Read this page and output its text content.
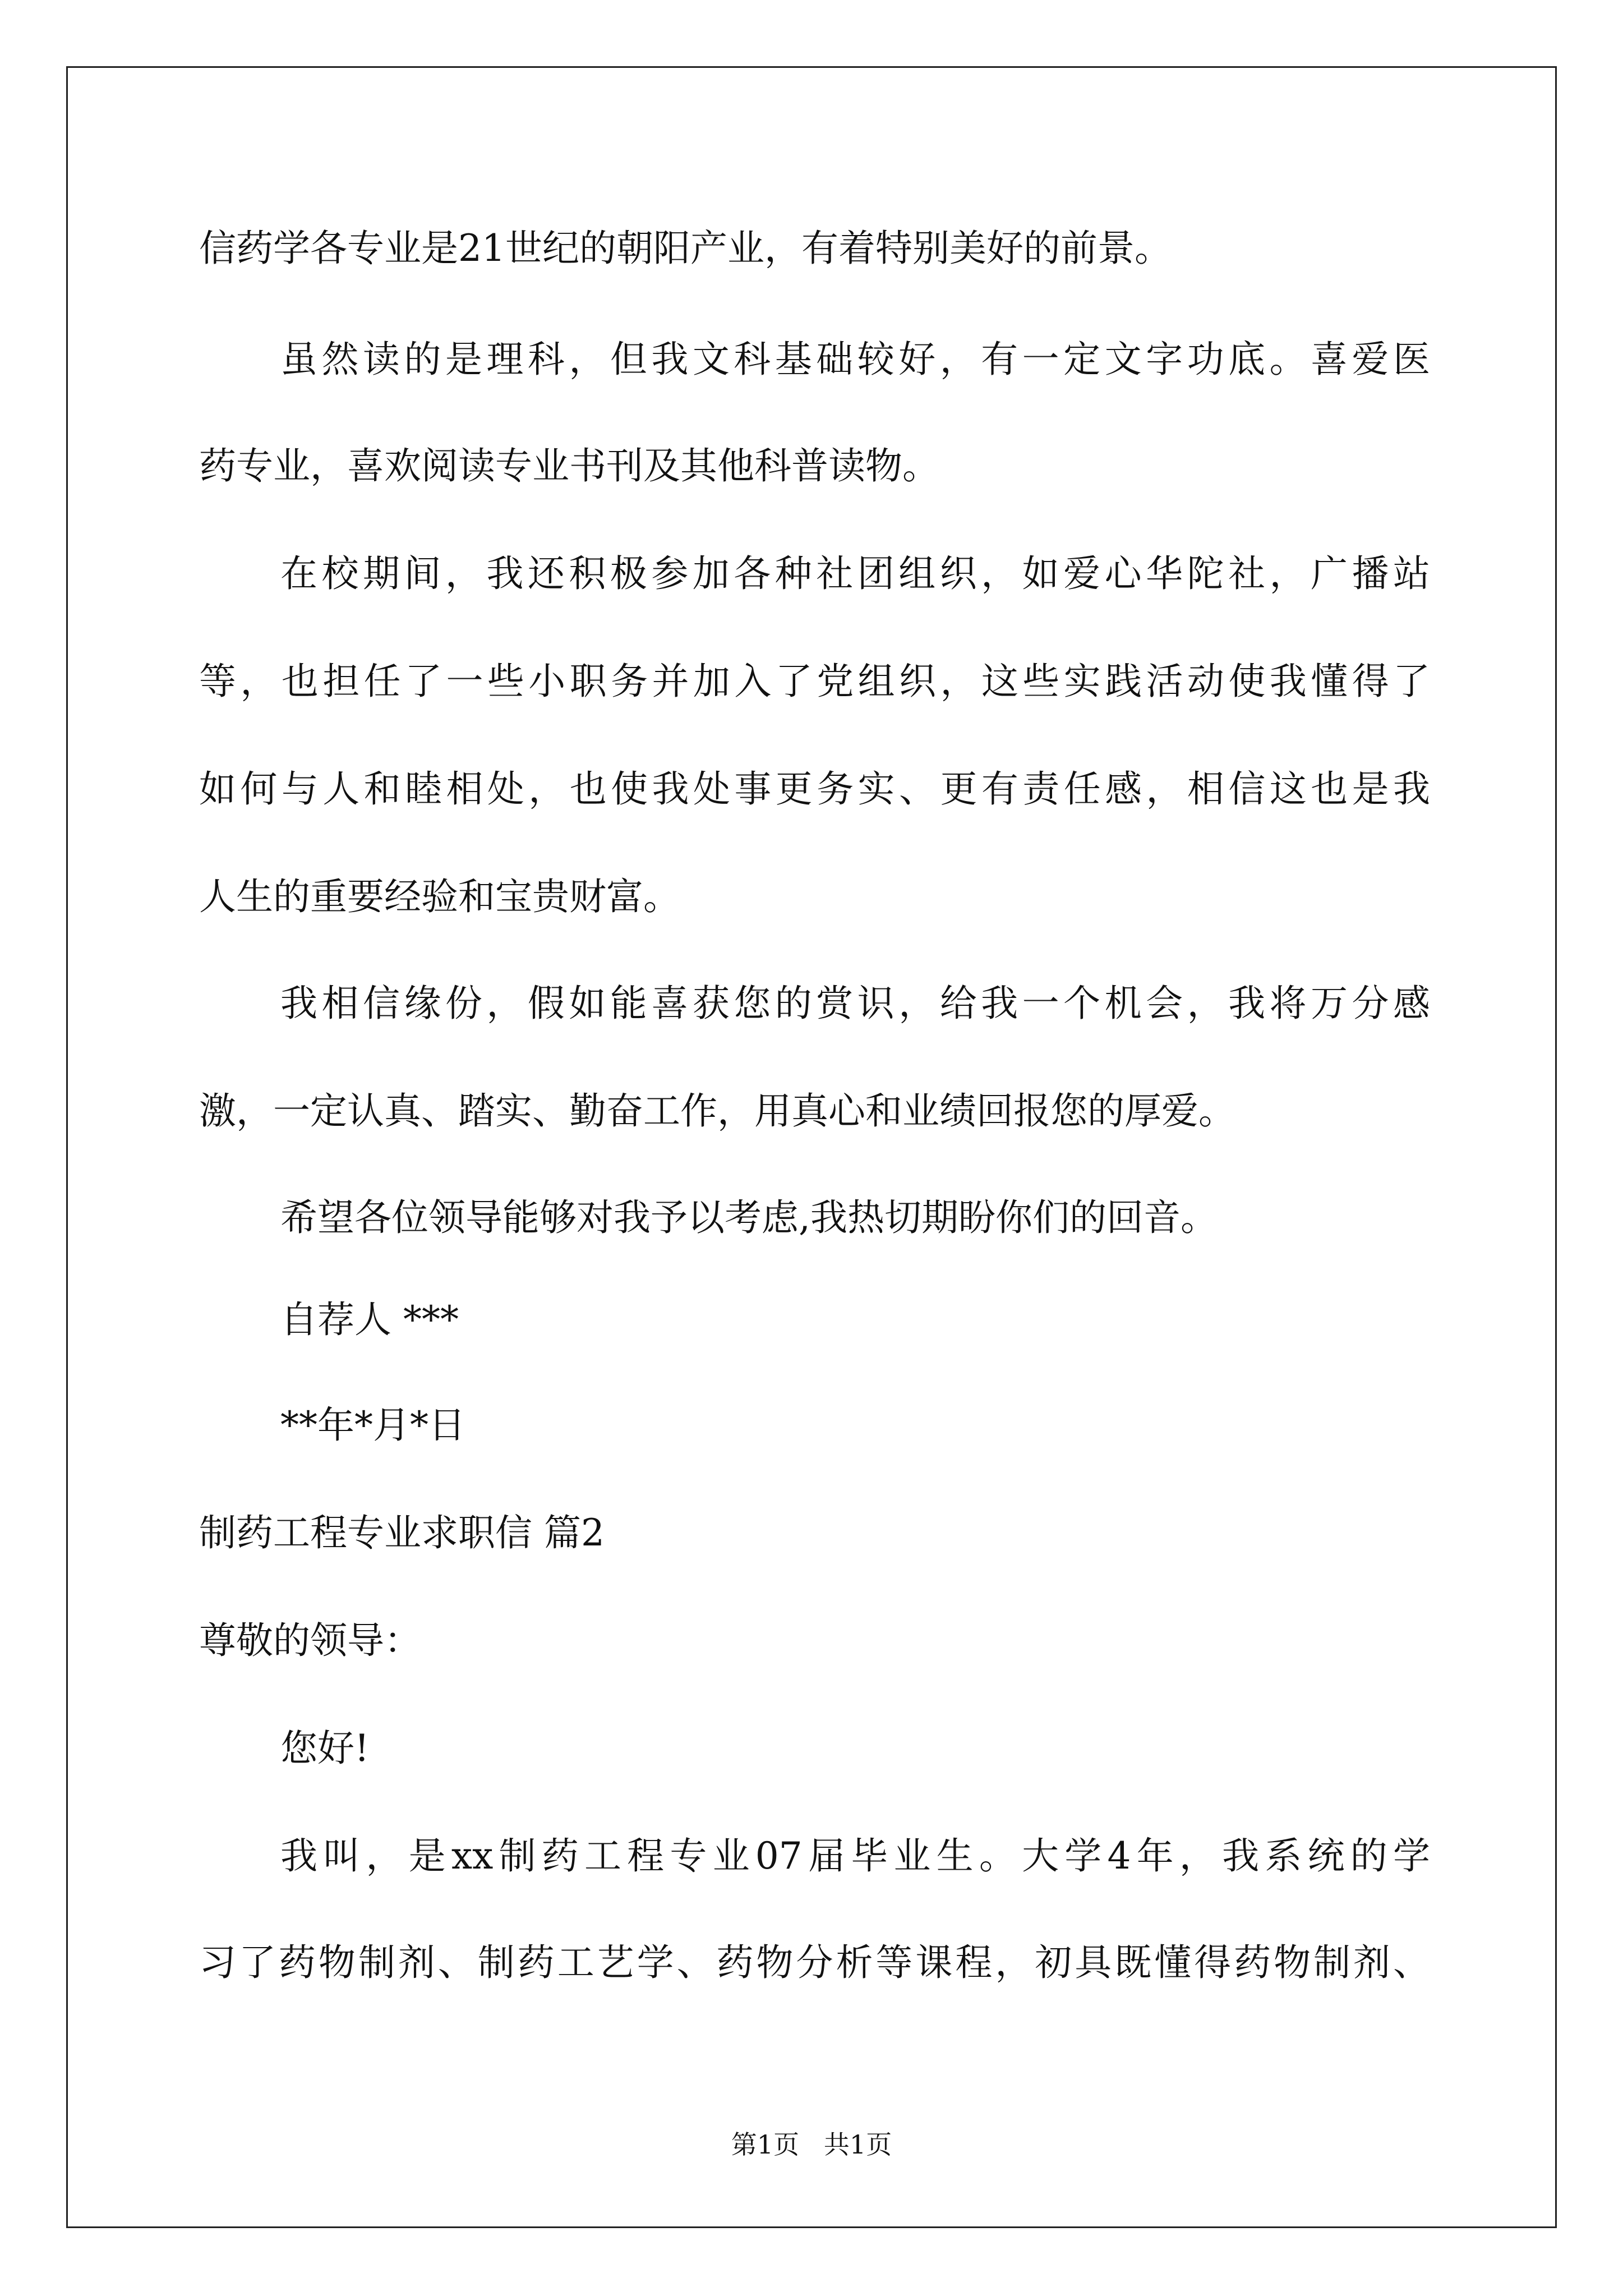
信药学各专业是21世纪的朝阳产业，有着特别美好的前景。
虽然读的是理科，但我文科基础较好，有一定文字功底。喜爱医
药专业，喜欢阅读专业书刊及其他科普读物。
在校期间，我还积极参加各种社团组织，如爱心华陀社，广播站
等，也担任了一些小职务并加入了党组织，这些实践活动使我懂得了
如何与人和睦相处，也使我处事更务实、更有责任感，相信这也是我
人生的重要经验和宝贵财富。
我相信缘份，假如能喜获您的赏识，给我一个机会，我将万分感
激，一定认真、踏实、勤奋工作，用真心和业绩回报您的厚爱。
希望各位领导能够对我予以考虑,我热切期盼你们的回音。
自荐人 ***
**年*月*日
制药工程专业求职信 篇2
尊敬的领导：
您好!
我叫，是xx制药工程专业07届毕业生。大学4年，我系统的学
习了药物制剂、制药工艺学、药物分析等课程，初具既懂得药物制剂、
第1页   共1页
